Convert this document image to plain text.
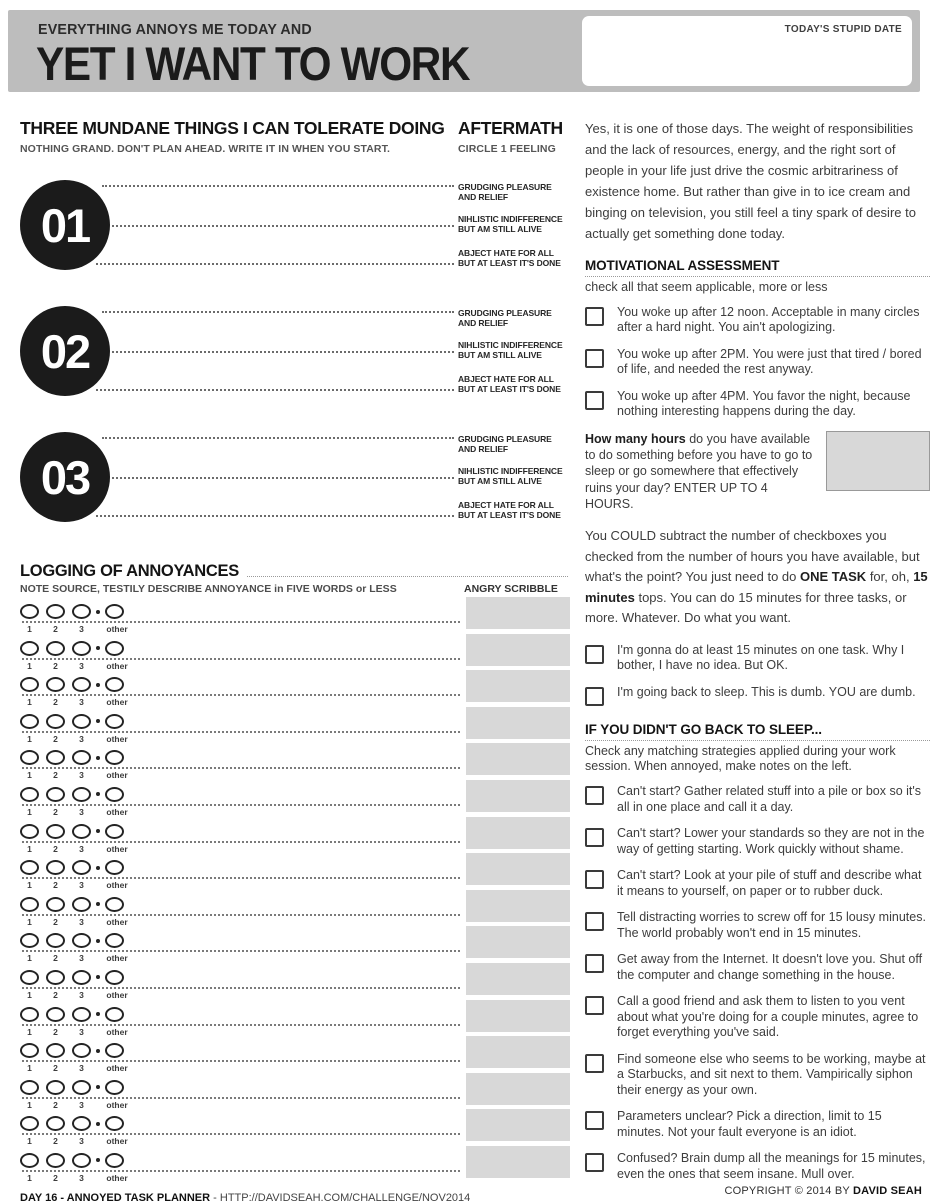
EVERYTHING ANNOYS ME TODAY AND
YET I WANT TO WORK
TODAY'S STUPID DATE
THREE MUNDANE THINGS I CAN TOLERATE DOING
NOTHING GRAND. DON'T PLAN AHEAD. WRITE IT IN WHEN YOU START.
AFTERMATH
CIRCLE 1 FEELING
01
GRUDGING PLEASURE
AND RELIEF
NIHLISTIC INDIFFERENCE
BUT AM STILL ALIVE
ABJECT HATE FOR ALL
BUT AT LEAST IT'S DONE
02
GRUDGING PLEASURE
AND RELIEF
NIHLISTIC INDIFFERENCE
BUT AM STILL ALIVE
ABJECT HATE FOR ALL
BUT AT LEAST IT'S DONE
03
GRUDGING PLEASURE
AND RELIEF
NIHLISTIC INDIFFERENCE
BUT AM STILL ALIVE
ABJECT HATE FOR ALL
BUT AT LEAST IT'S DONE
LOGGING OF ANNOYANCES
NOTE SOURCE, TESTILY DESCRIBE ANNOYANCE in FIVE WORDS or LESS	ANGRY SCRIBBLE
1	2	3	other
1	2	3	other
1	2	3	other
1	2	3	other
1	2	3	other
1	2	3	other
1	2	3	other
1	2	3	other
1	2	3	other
1	2	3	other
1	2	3	other
1	2	3	other
1	2	3	other
1	2	3	other
1	2	3	other
1	2	3	other
Yes, it is one of those days. The weight of responsibilities and the lack of resources, energy, and the right sort of people in your life just drive the cosmic arbitrariness of existence home. But rather than give in to ice cream and binging on television, you still feel a tiny spark of desire to actually get something done today.
MOTIVATIONAL ASSESSMENT
check all that seem applicable, more or less
You woke up after 12 noon. Acceptable in many circles after a hard night. You ain't apologizing.
You woke up after 2PM. You were just that tired / bored of life, and needed the rest anyway.
You woke up after 4PM. You favor the night, because nothing interesting happens during the day.
How many hours do you have available to do something before you have to go to sleep or go somewhere that effectively ruins your day? ENTER UP TO 4 HOURS.
You COULD subtract the number of checkboxes you checked from the number of hours you have available, but what's the point? You just need to do ONE TASK for, oh, 15 minutes tops. You can do 15 minutes for three tasks, or more. Whatever. Do what you want.
I'm gonna do at least 15 minutes on one task. Why I bother, I have no idea. But OK.
I'm going back to sleep. This is dumb. YOU are dumb.
IF YOU DIDN'T GO BACK TO SLEEP...
Check any matching strategies applied during your work session. When annoyed, make notes on the left.
Can't start? Gather related stuff into a pile or box so it's all in one place and call it a day.
Can't start? Lower your standards so they are not in the way of getting starting. Work quickly without shame.
Can't start? Look at your pile of stuff and describe what it means to yourself, on paper or to rubber duck.
Tell distracting worries to screw off for 15 lousy minutes. The world probably won't end in 15 minutes.
Get away from the Internet. It doesn't love you. Shut off the computer and change something in the house.
Call a good friend and ask them to listen to you vent about what you're doing for a couple minutes, agree to forget everything you've said.
Find someone else who seems to be working, maybe at a Starbucks, and sit next to them. Vampirically siphon their energy as your own.
Parameters unclear? Pick a direction, limit to 15 minutes. Not your fault everyone is an idiot.
Confused? Brain dump all the meanings for 15 minutes, even the ones that seem insane. Mull over.
DAY 16 - ANNOYED TASK PLANNER - HTTP://DAVIDSEAH.COM/CHALLENGE/NOV2014
COPYRIGHT © 2014 BY DAVID SEAH
